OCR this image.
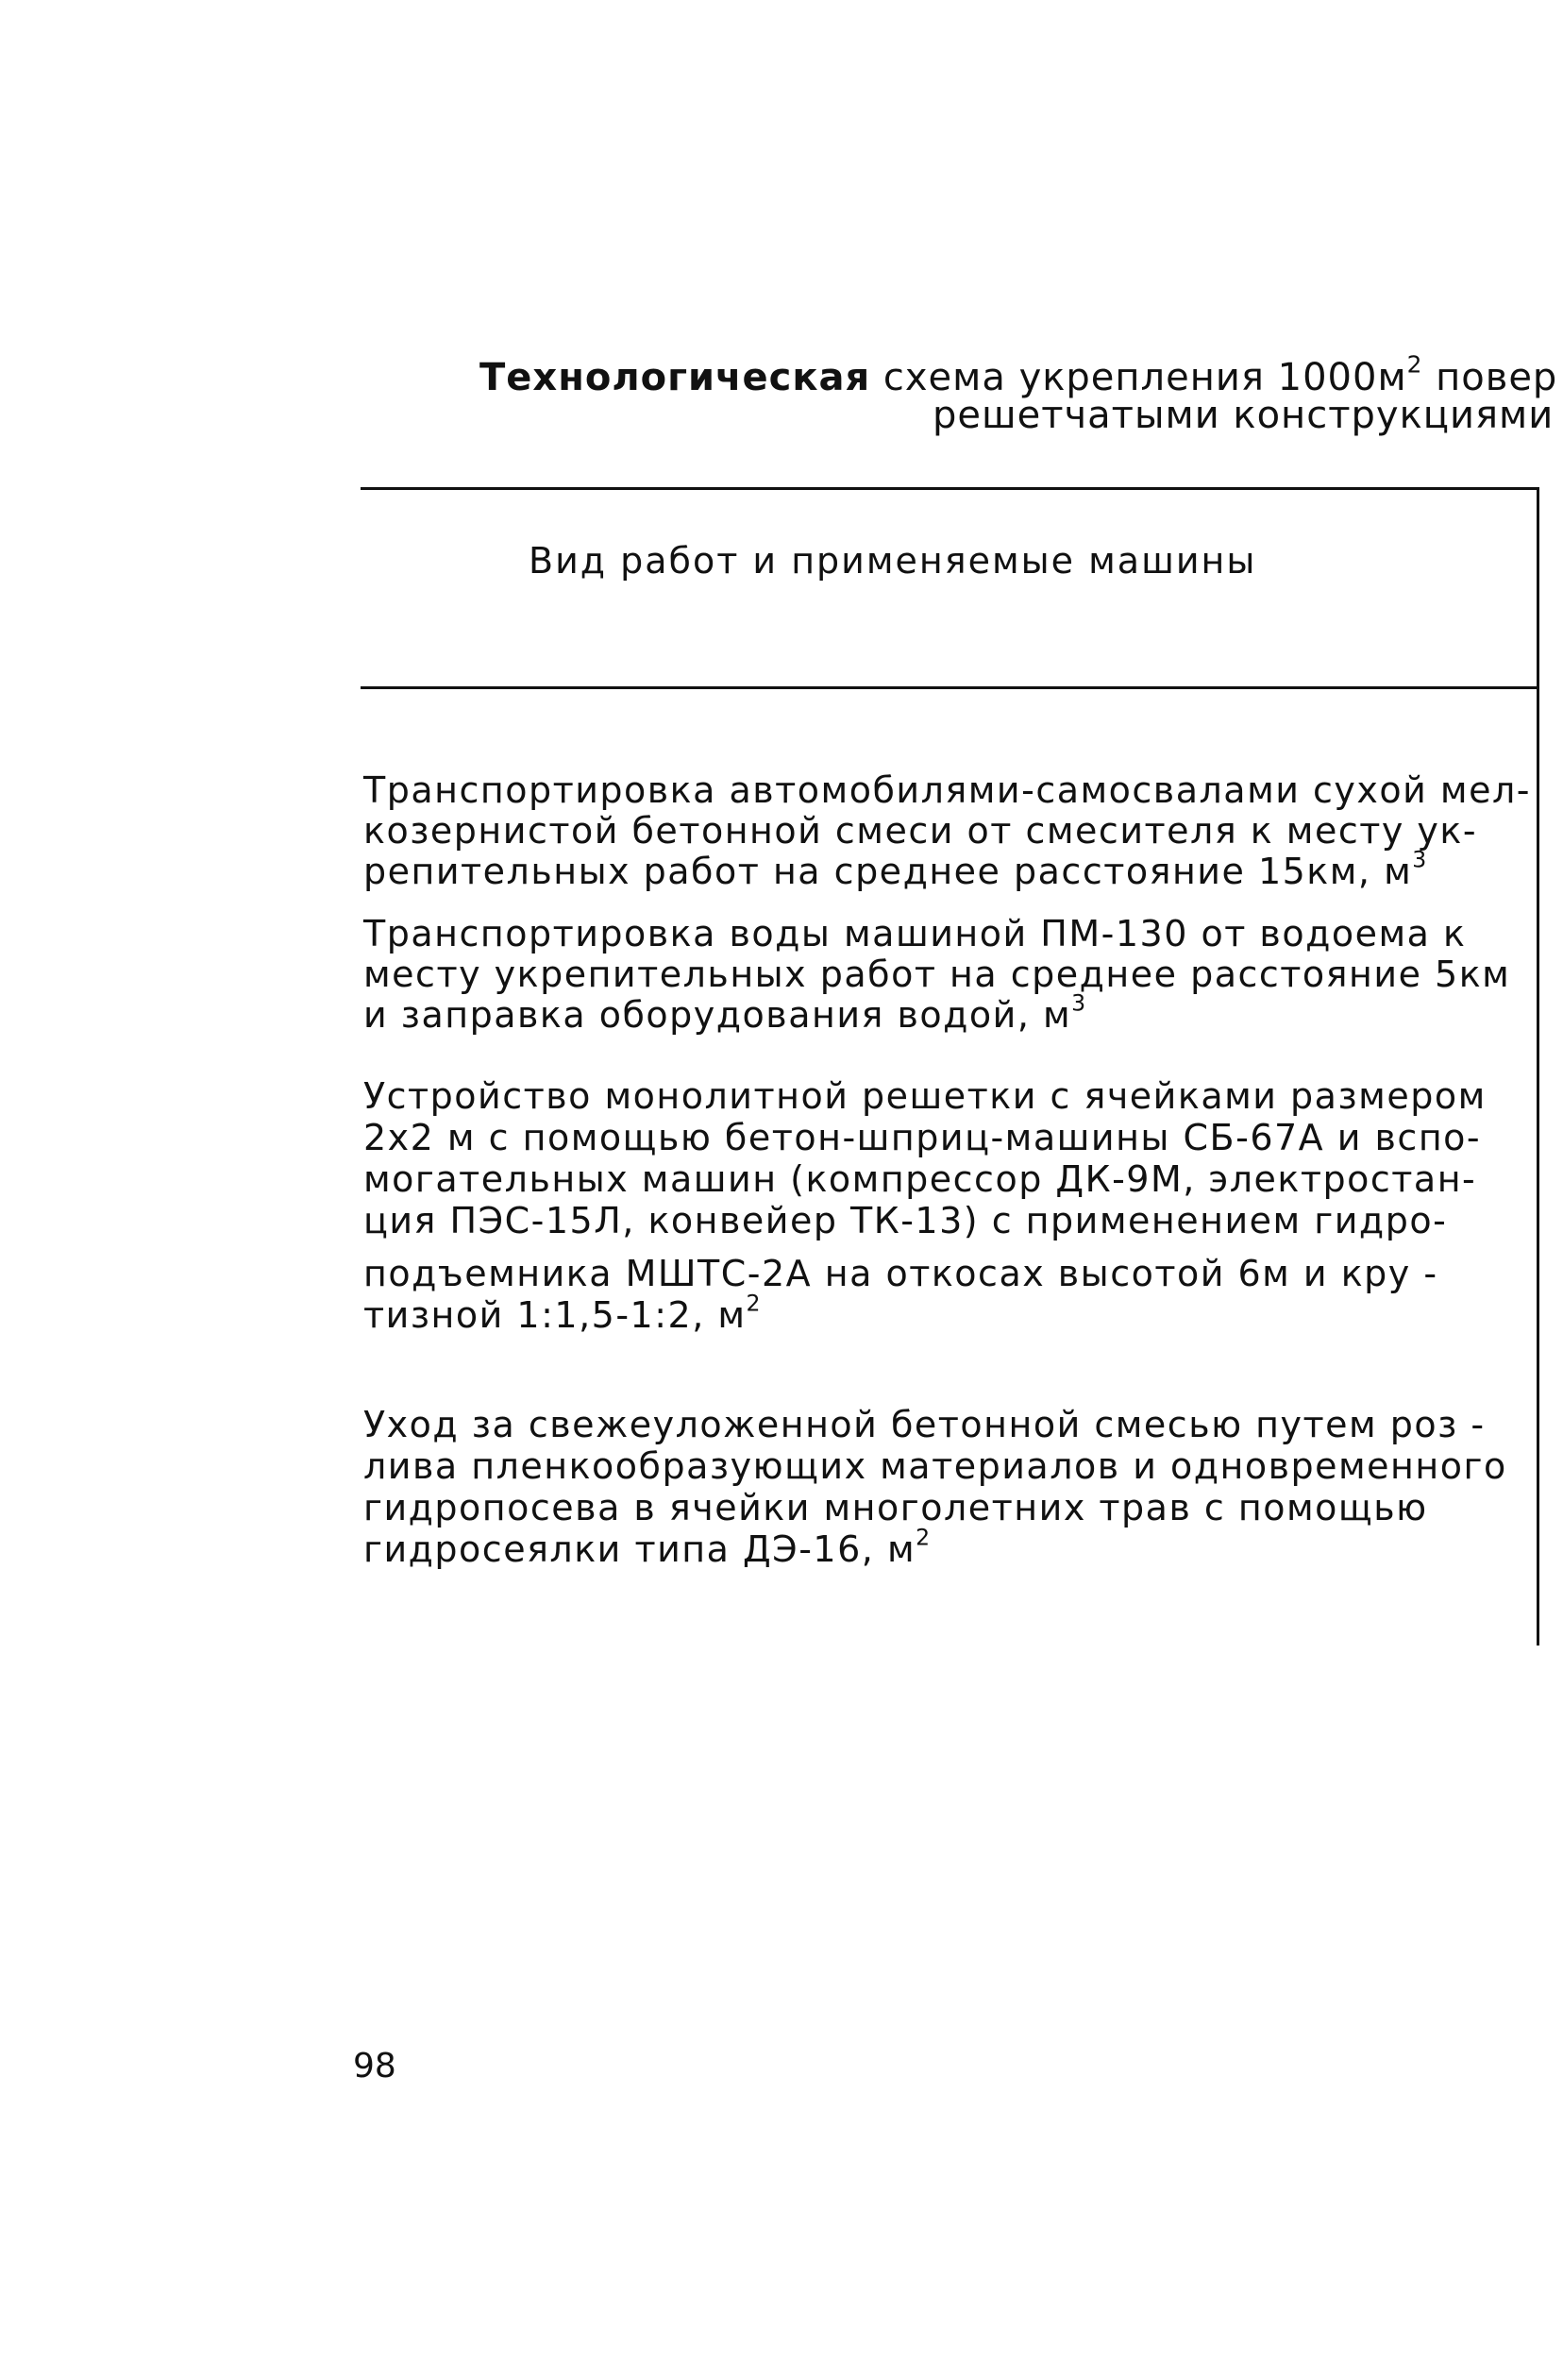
Технологическая схема укрепления $1000м^2$ повер
решетчатыми конструкциями
Вид работ и применяемые машины
Транспортировка автомобилями-самосвалами сухой мел-
козернистой бетонной смеси от смесителя к месту ук-
репительных работ на среднее расстояние 15км, $м^3$
Транспортировка воды машиной ПМ-130 от водоема к
месту укрепительных работ на среднее расстояние 5км
и заправка оборудования водой, $м^3$
Устройство монолитной решетки с ячейками размером
2х2 м с помощью бетон-шприц-машины СБ-67А и вспо-
могательных машин (компрессор ДК-9М, электростан-
ция ПЭС-15Л, конвейер ТК-13) с применением гидро-
подъемника МШТС-2А на откосах высотой 6м и кру -
тизной 1:1,5-1:2, $м^2$
Уход за свежеуложенной бетонной смесью путем роз -
лива пленкообразующих материалов и одновременного
гидропосева в ячейки многолетних трав с помощью
гидросеялки типа ДЭ-16, $м^2$
98
